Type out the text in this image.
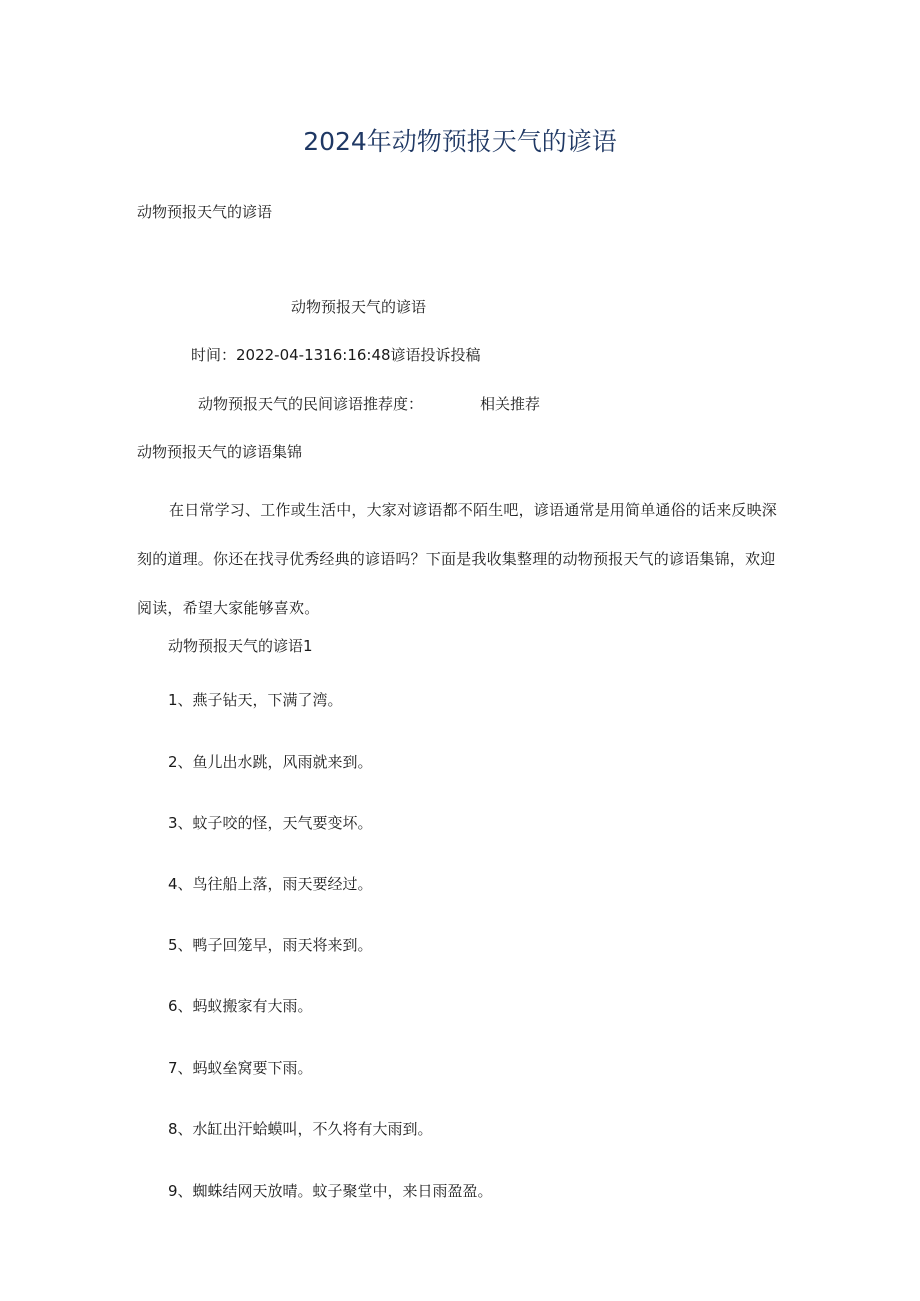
2024年动物预报天气的谚语
动物预报天气的谚语
动物预报天气的谚语
时间：2022-04-1316:16:48谚语投诉投稿
动物预报天气的民间谚语推荐度：	相关推荐
动物预报天气的谚语集锦
在日常学习、工作或生活中，大家对谚语都不陌生吧，谚语通常是用简单通俗的话来反映深刻的道理。你还在找寻优秀经典的谚语吗？下面是我收集整理的动物预报天气的谚语集锦，欢迎阅读，希望大家能够喜欢。
动物预报天气的谚语1
1、燕子钻天，下满了湾。
2、鱼儿出水跳，风雨就来到。
3、蚊子咬的怪，天气要变坏。
4、鸟往船上落，雨天要经过。
5、鸭子回笼早，雨天将来到。
6、蚂蚁搬家有大雨。
7、蚂蚁垒窝要下雨。
8、水缸出汗蛤蟆叫，不久将有大雨到。
9、蜘蛛结网天放晴。蚊子聚堂中，来日雨盈盈。
